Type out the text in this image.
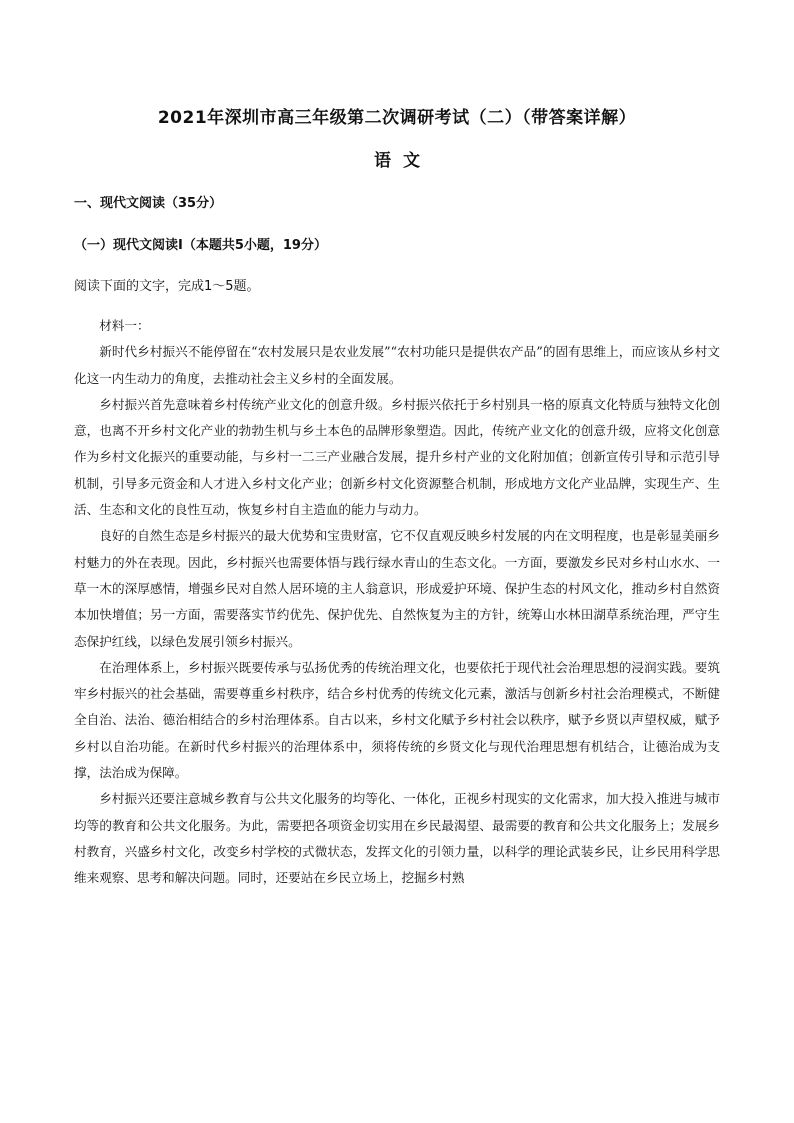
2021年深圳市高三年级第二次调研考试（二）（带答案详解）
语 文
一、现代文阅读（35分）
（一）现代文阅读Ⅰ（本题共5小题，19分）
阅读下面的文字，完成1～5题。

材料一：

新时代乡村振兴不能停留在“农村发展只是农业发展”“农村功能只是提供农产品”的固有思维上，而应该从乡村文化这一内生动力的角度，去推动社会主义乡村的全面发展。

乡村振兴首先意味着乡村传统产业文化的创意升级。乡村振兴依托于乡村别具一格的原真文化特质与独特文化创意，也离不开乡村文化产业的勃勃生机与乡土本色的品牌形象塑造。因此，传统产业文化的创意升级，应将文化创意作为乡村文化振兴的重要动能，与乡村一二三产业融合发展，提升乡村产业的文化附加值；创新宣传引导和示范引导机制，引导多元资金和人才进入乡村文化产业；创新乡村文化资源整合机制，形成地方文化产业品牌，实现生产、生活、生态和文化的良性互动，恢复乡村自主造血的能力与动力。

良好的自然生态是乡村振兴的最大优势和宝贵财富，它不仅直观反映乡村发展的内在文明程度，也是彰显美丽乡村魅力的外在表现。因此，乡村振兴也需要体悟与践行绿水青山的生态文化。一方面，要激发乡民对乡村山水水、一草一木的深厚感情，增强乡民对自然人居环境的主人翁意识，形成爱护环境、保护生态的村风文化，推动乡村自然资本加快增值；另一方面，需要落实节约优先、保护优先、自然恢复为主的方针，统筹山水林田湖草系统治理，严守生态保护红线，以绿色发展引领乡村振兴。

在治理体系上，乡村振兴既要传承与弘扬优秀的传统治理文化，也要依托于现代社会治理思想的浸润实践。要筑牢乡村振兴的社会基础，需要尊重乡村秩序，结合乡村优秀的传统文化元素，激活与创新乡村社会治理模式，不断健全自治、法治、德治相结合的乡村治理体系。自古以来，乡村文化赋予乡村社会以秩序，赋予乡贤以声望权威，赋予乡村以自治功能。在新时代乡村振兴的治理体系中，须将传统的乡贤文化与现代治理思想有机结合，让德治成为支撑，法治成为保障。

乡村振兴还要注意城乡教育与公共文化服务的均等化、一体化，正视乡村现实的文化需求，加大投入推进与城市均等的教育和公共文化服务。为此，需要把各项资金切实用在乡民最渴望、最需要的教育和公共文化服务上；发展乡村教育，兴盛乡村文化，改变乡村学校的式微状态，发挥文化的引领力量，以科学的理论武装乡民，让乡民用科学思维来观察、思考和解决问题。同时，还要站在乡民立场上，挖掘乡村熟
